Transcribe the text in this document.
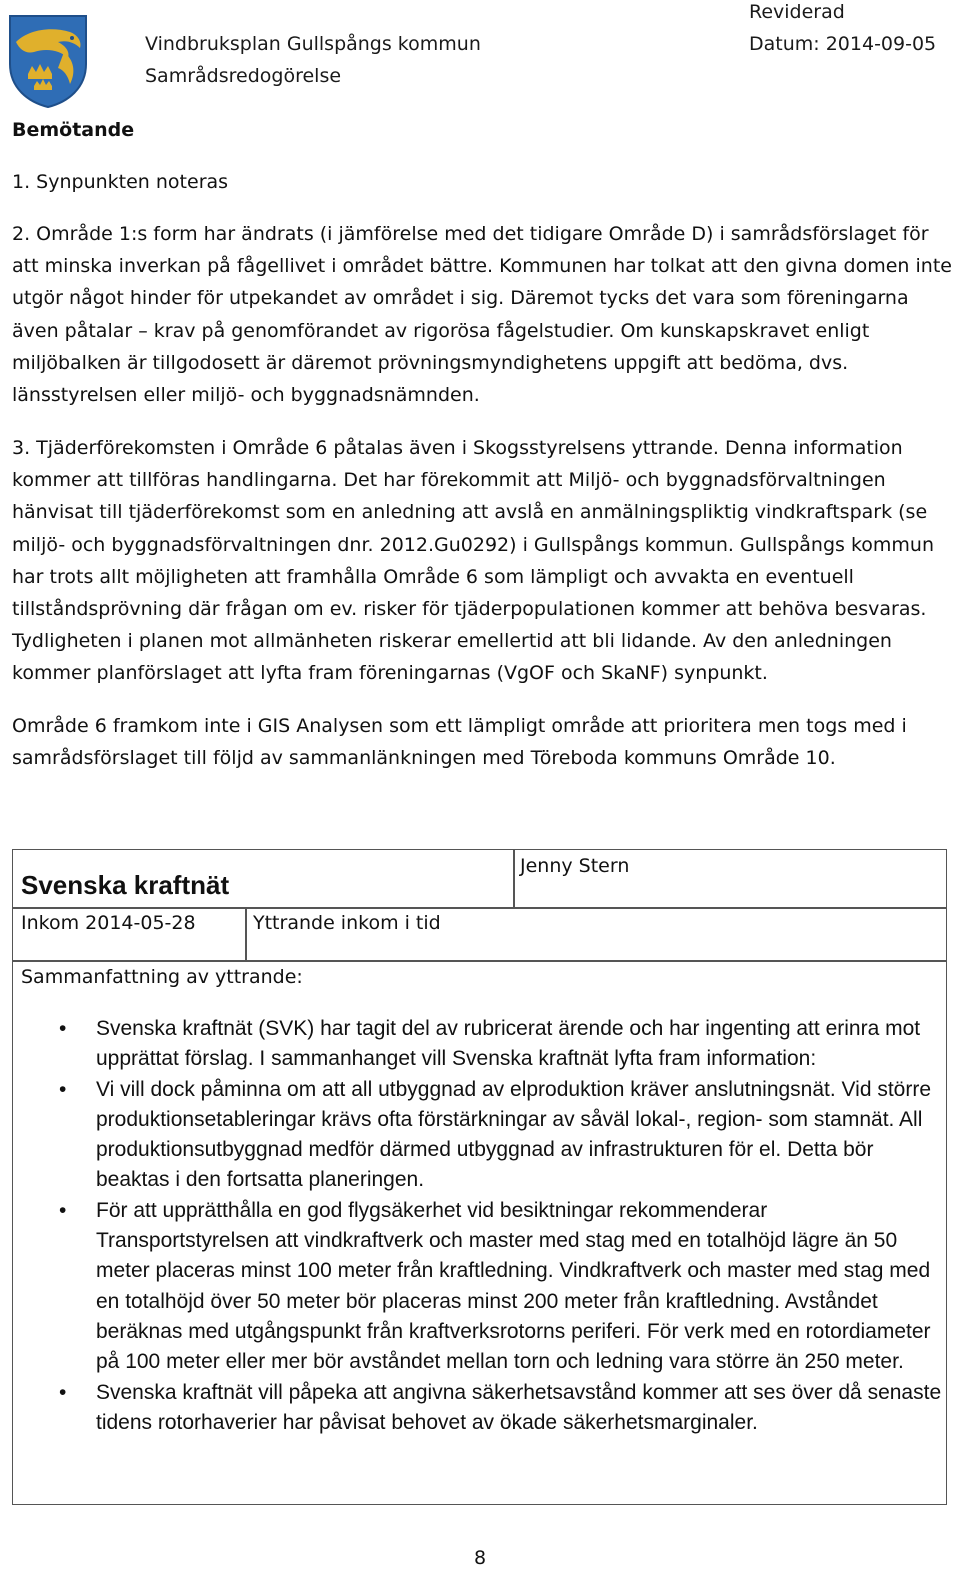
Vindbruksplan Gullspångs kommun
Samrådsredogörelse
Reviderad
Datum: 2014-09-05
Bemötande

1. Synpunkten noteras

2. Område 1:s form har ändrats (i jämförelse med det tidigare Område D) i samrådsförslaget för att minska inverkan på fågellivet i området bättre. Kommunen har tolkat att den givna domen inte utgör något hinder för utpekandet av området i sig. Däremot tycks det vara som föreningarna även påtalar – krav på genomförandet av rigorösa fågelstudier. Om kunskapskravet enligt miljöbalken är tillgodosett är däremot prövningsmyndighetens uppgift att bedöma, dvs. länsstyrelsen eller miljö- och byggnadsnämnden.

3. Tjäderförekomsten i Område 6 påtalas även i Skogsstyrelsens yttrande. Denna information kommer att tillföras handlingarna. Det har förekommit att Miljö- och byggnadsförvaltningen hänvisat till tjäderförekomst som en anledning att avslå en anmälningspliktig vindkraftspark (se miljö- och byggnadsförvaltningen dnr. 2012.Gu0292) i Gullspångs kommun. Gullspångs kommun har trots allt möjligheten att framhålla Område 6 som lämpligt och avvakta en eventuell tillståndsprövning där frågan om ev. risker för tjäderpopulationen kommer att behöva besvaras. Tydligheten i planen mot allmänheten riskerar emellertid att bli lidande. Av den anledningen kommer planförslaget att lyfta fram föreningarnas (VgOF och SkaNF) synpunkt.

Område 6 framkom inte i GIS Analysen som ett lämpligt område att prioritera men togs med i samrådsförslaget till följd av sammanlänkningen med Töreboda kommuns Område 10.

Svenska kraftnät
Jenny Stern
Inkom 2014-05-28	Yttrande inkom i tid
Sammanfattning av yttrande:
• Svenska kraftnät (SVK) har tagit del av rubricerat ärende och har ingenting att erinra mot upprättat förslag. I sammanhanget vill Svenska kraftnät lyfta fram information:
• Vi vill dock påminna om att all utbyggnad av elproduktion kräver anslutningsnät. Vid större produktionsetableringar krävs ofta förstärkningar av såväl lokal-, region- som stamnät. All produktionsutbyggnad medför därmed utbyggnad av infrastrukturen för el. Detta bör beaktas i den fortsatta planeringen.
• För att upprätthålla en god flygsäkerhet vid besiktningar rekommenderar Transportstyrelsen att vindkraftverk och master med stag med en totalhöjd lägre än 50 meter placeras minst 100 meter från kraftledning. Vindkraftverk och master med stag med en totalhöjd över 50 meter bör placeras minst 200 meter från kraftledning. Avståndet beräknas med utgångspunkt från kraftverksrotorns periferi. För verk med en rotordiameter på 100 meter eller mer bör avståndet mellan torn och ledning vara större än 250 meter.
• Svenska kraftnät vill påpeka att angivna säkerhetsavstånd kommer att ses över då senaste tidens rotorhaverier har påvisat behovet av ökade säkerhetsmarginaler.
8
